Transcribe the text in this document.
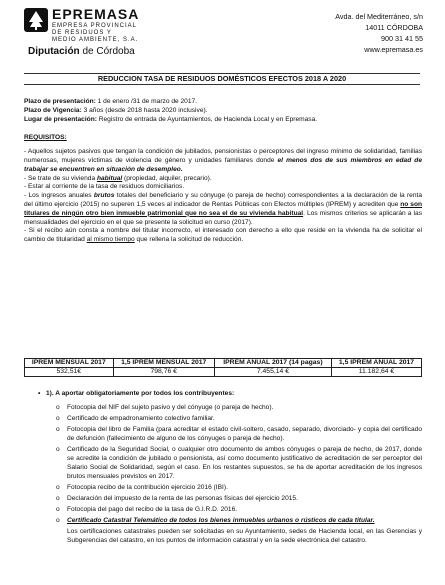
EPREMASA
EMPRESA PROVINCIAL
DE RESIDUOS Y
MEDIO AMBIENTE, S.A.
Diputación de Córdoba
Avda. del Mediterráneo, s/n
14011 CÓRDOBA
900 31 41 55
www.epremasa.es
REDUCCION TASA DE RESIDUOS DOMÉSTICOS EFECTOS 2018 A 2020

Plazo de presentación: 1 de enero /31 de marzo de 2017.

Plazo de Vigencia: 3 años (desde 2018 hasta 2020 inclusive).

Lugar de presentación: Registro de entrada de Ayuntamientos, de Hacienda Local y en Epremasa.

REQUISITOS:

- Aquellos sujetos pasivos que tengan la condición de jubilados, pensionistas o perceptores del ingreso mínimo de solidaridad, familias numerosas, mujeres víctimas de violencia de género y unidades familiares donde el menos dos de sus miembros en edad de trabajar se encuentren en situación de desempleo.

- Se trate de su vivienda habitual (propiedad, alquiler, precario).

- Estar al corriente de la tasa de residuos domiciliarios.

- Los ingresos anuales brutos totales del beneficiario y su cónyuge (o pareja de hecho) correspondientes a la declaración de la renta del último ejercicio (2015) no superen 1,5 veces al indicador de Rentas Públicas con Efectos múltiples (IPREM) y acrediten que no son titulares de ningún otro bien inmueble patrimonial que no sea el de su vivienda habitual. Los mismos criterios se aplicarán a las mensualidades del ejercicio en el que se presente la solicitud en curso (2017).

- Si el recibo aún consta a nombre del titular incorrecto, el interesado con derecho a ello que reside en la vivienda ha de solicitar el cambio de titularidad al mismo tiempo que rellena la solicitud de reducción.

IPREM MENSUAL 2017	1,5 IPREM MENSUAL 2017	IPREM ANUAL 2017 (14 pagas)	1,5 IPREM ANUAL 2017
532,51€	798,76 €	7.455,14 €	11.182,64 €
• 1). A aportar obligatoriamente por todos los contribuyentes:
o Fotocopia del NIF del sujeto pasivo y del cónyuge (o pareja de hecho).
o Certificado de empadronamiento colectivo familiar.
o Fotocopia del libro de Familia (para acreditar el estado civil-soltero, casado, separado, divorciado- y copia del certificado de defunción (fallecimiento de alguno de los cónyuges o pareja de hecho).
o Certificado de la Seguridad Social, o cualquier otro documento de ambos cónyuges o pareja de hecho, de 2017, donde se acredite la condición de jubilado o pensionista, así como documento justificativo de acreditación de ser perceptor del Salario Social de Solidaridad, según el caso. En los restantes supuestos, se ha de aportar acreditación de los ingresos brutos mensuales previstos en 2017.
o Fotocopia recibo de la contribución ejercicio 2016 (IBI).
o Declaración del impuesto de la renta de las personas físicas del ejercicio 2015.
o Fotocopia del pago del recibo de la tasa de G.I.R.D. 2016.
o Certificado Catastral Telemático de todos los bienes inmuebles urbanos o rústicos de cada titular.
Los certificaciones catastrales pueden ser solicitadas en su Ayuntamiento, sedes de Hacienda local, en las Gerencias y Subgerencias del catastro, en los puntos de información catastral y en la sede electrónica del catastro.
